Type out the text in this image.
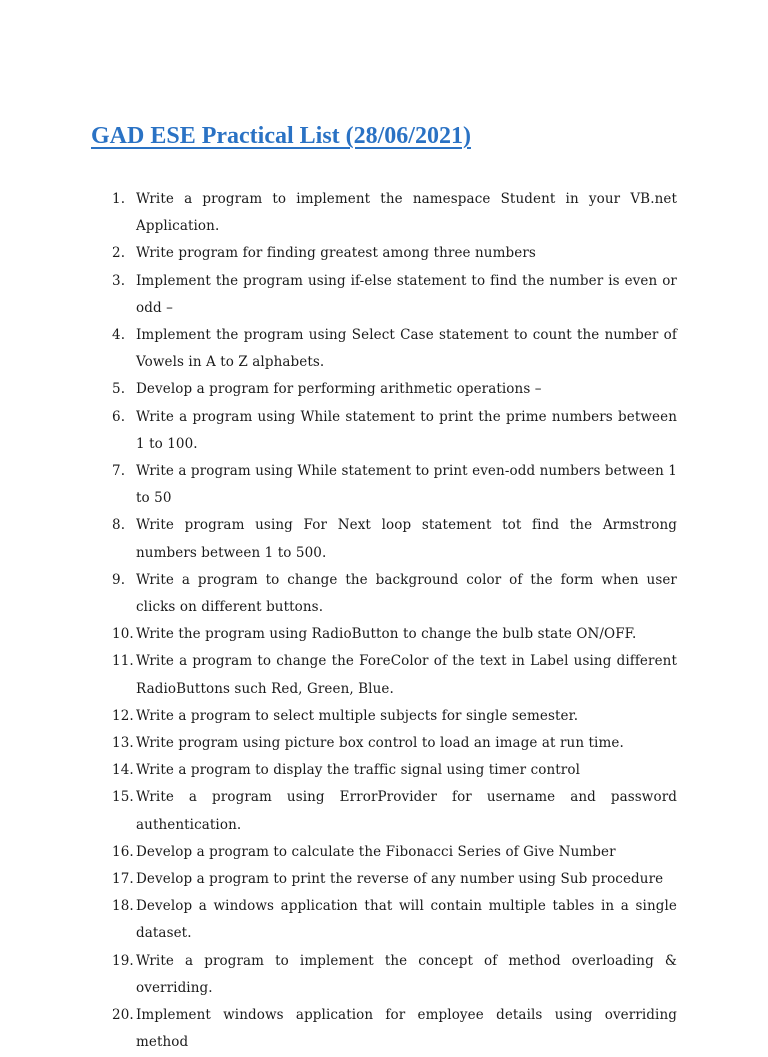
GAD ESE Practical List (28/06/2021)
1. Write a program to implement the namespace Student in your VB.net Application.
2. Write program for finding greatest among three numbers
3. Implement the program using if-else statement to find the number is even or odd –
4. Implement the program using Select Case statement to count the number of Vowels in A to Z alphabets.
5. Develop a program for performing arithmetic operations –
6. Write a program using While statement to print the prime numbers between 1 to 100.
7. Write a program using While statement to print even-odd numbers between 1 to 50
8. Write program using For Next loop statement tot find the Armstrong numbers between 1 to 500.
9. Write a program to change the background color of the form when user clicks on different buttons.
10. Write the program using RadioButton to change the bulb state ON/OFF.
11. Write a program to change the ForeColor of the text in Label using different RadioButtons such Red, Green, Blue.
12. Write a program to select multiple subjects for single semester.
13. Write program using picture box control to load an image at run time.
14. Write a program to display the traffic signal using timer control
15. Write a program using ErrorProvider for username and password authentication.
16. Develop a program to calculate the Fibonacci Series of Give Number
17. Develop a program to print the reverse of any number using Sub procedure
18. Develop a windows application that will contain multiple tables in a single dataset.
19. Write a program to implement the concept of method overloading & overriding.
20. Implement windows application for employee details using overriding method
